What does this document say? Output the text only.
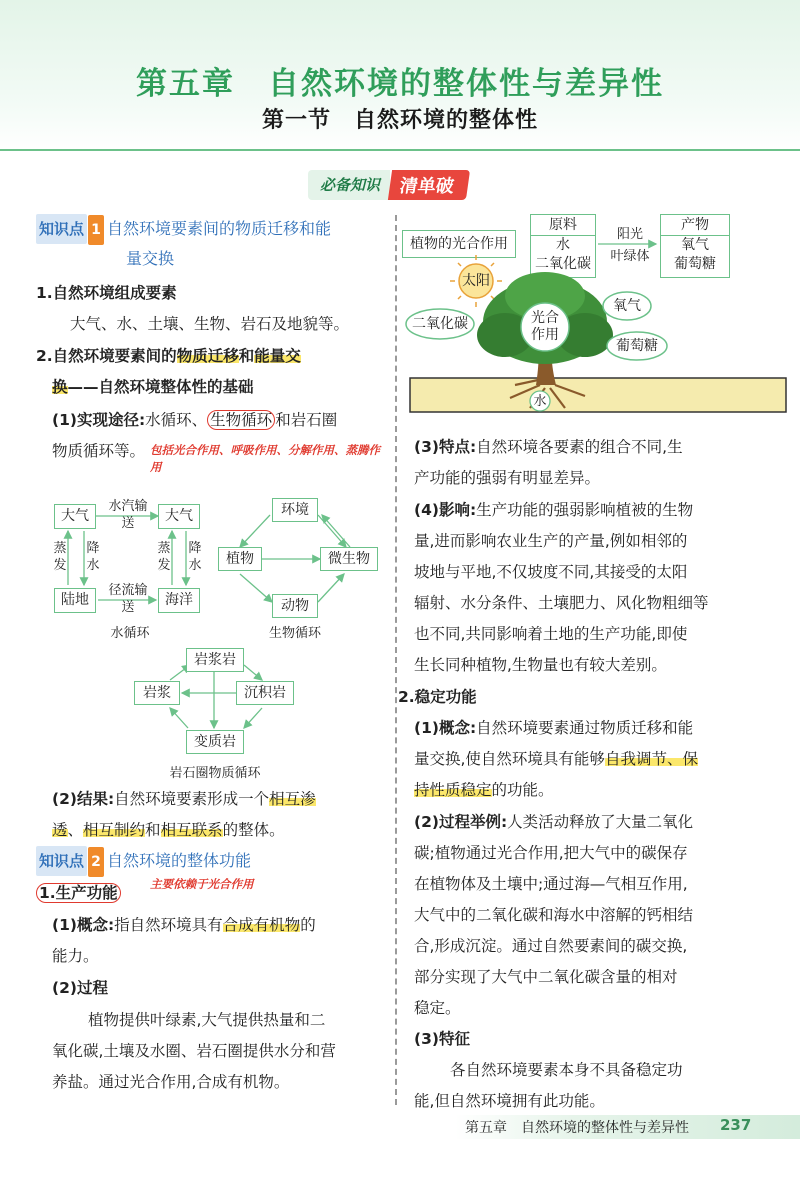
第五章　自然环境的整体性与差异性
第一节　自然环境的整体性
必备知识	清单破
知识点 1 自然环境要素间的物质迁移和能
量交换
1.自然环境组成要素
大气、水、土壤、生物、岩石及地貌等。
2.自然环境要素间的物质迁移和能量交
换——自然环境整体性的基础
(1)实现途径:水循环、 生物循环 和岩石圈
物质循环等。 包括光合作用、呼吸作用、分解作用、蒸腾作用
大气	大气
陆地	海洋
水汽输送
蒸发
降水
蒸发
降水
径流输送
水循环
环境
植物	微生物
动物
生物循环
岩浆岩
岩浆	沉积岩
变质岩
岩石圈物质循环
(2)结果:自然环境要素形成一个相互渗
透、相互制约和相互联系的整体。
知识点 2 自然环境的整体功能
1.生产功能	主要依赖于光合作用
(1)概念:指自然环境具有合成有机物的
能力。
(2)过程
植物提供叶绿素,大气提供热量和二
氧化碳,土壤及水圈、岩石圈提供水分和营
养盐。通过光合作用,合成有机物。
植物的光合作用
原料
水
二氧化碳
阳光
叶绿体
产物
氧气
葡萄糖
太阳
二氧化碳	光合
作用
氧气
葡萄糖
水
(3)特点:自然环境各要素的组合不同,生
产功能的强弱有明显差异。
(4)影响:生产功能的强弱影响植被的生物
量,进而影响农业生产的产量,例如相邻的
坡地与平地,不仅坡度不同,其接受的太阳
辐射、水分条件、土壤肥力、风化物粗细等
也不同,共同影响着土地的生产功能,即使
生长同种植物,生物量也有较大差别。
2.稳定功能
(1)概念:自然环境要素通过物质迁移和能
量交换,使自然环境具有能够自我调节、保
持性质稳定的功能。
(2)过程举例:人类活动释放了大量二氧化
碳;植物通过光合作用,把大气中的碳保存
在植物体及土壤中;通过海—气相互作用,
大气中的二氧化碳和海水中溶解的钙相结
合,形成沉淀。通过自然要素间的碳交换,
部分实现了大气中二氧化碳含量的相对
稳定。
(3)特征
各自然环境要素本身不具备稳定功
能,但自然环境拥有此功能。
第五章　自然环境的整体性与差异性 237
